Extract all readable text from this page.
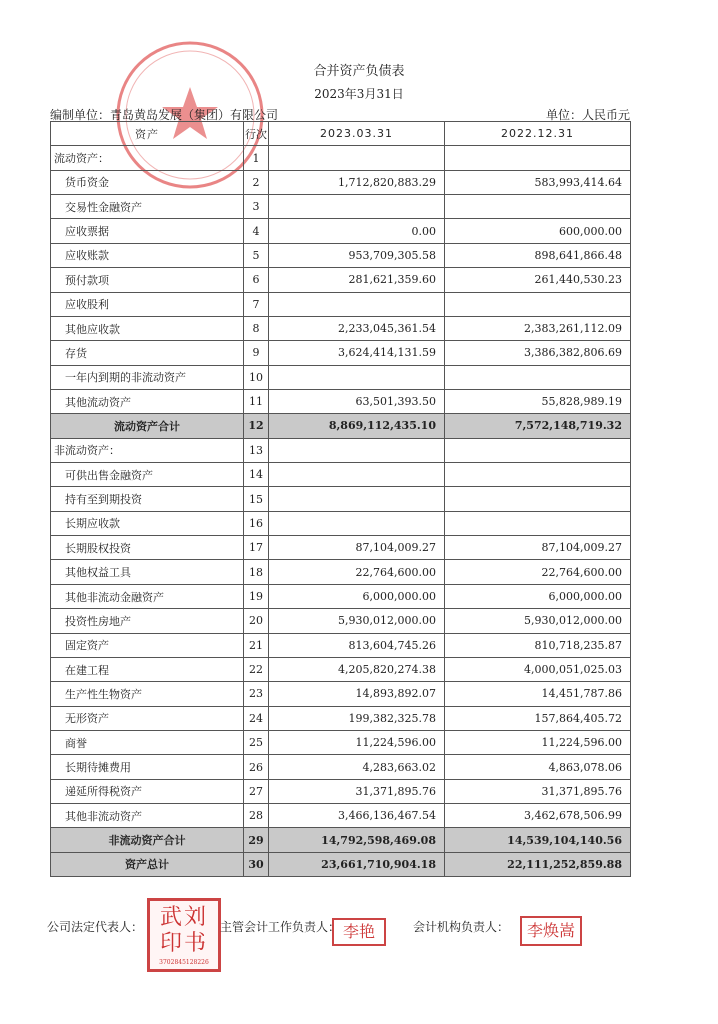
合并资产负债表
2023年3月31日
编制单位：青岛黄岛发展（集团）有限公司	单位：人民币元
资产	行次	2023.03.31	2022.12.31
流动资产：	1		
货币资金	2	1,712,820,883.29	583,993,414.64
交易性金融资产	3		
应收票据	4	0.00	600,000.00
应收账款	5	953,709,305.58	898,641,866.48
预付款项	6	281,621,359.60	261,440,530.23
应收股利	7		
其他应收款	8	2,233,045,361.54	2,383,261,112.09
存货	9	3,624,414,131.59	3,386,382,806.69
一年内到期的非流动资产	10		
其他流动资产	11	63,501,393.50	55,828,989.19
流动资产合计	12	8,869,112,435.10	7,572,148,719.32
非流动资产：	13		
可供出售金融资产	14		
持有至到期投资	15		
长期应收款	16		
长期股权投资	17	87,104,009.27	87,104,009.27
其他权益工具	18	22,764,600.00	22,764,600.00
其他非流动金融资产	19	6,000,000.00	6,000,000.00
投资性房地产	20	5,930,012,000.00	5,930,012,000.00
固定资产	21	813,604,745.26	810,718,235.87
在建工程	22	4,205,820,274.38	4,000,051,025.03
生产性生物资产	23	14,893,892.07	14,451,787.86
无形资产	24	199,382,325.78	157,864,405.72
商誉	25	11,224,596.00	11,224,596.00
长期待摊费用	26	4,283,663.02	4,863,078.06
递延所得税资产	27	31,371,895.76	31,371,895.76
其他非流动资产	28	3,466,136,467.54	3,462,678,506.99
非流动资产合计	29	14,792,598,469.08	14,539,104,140.56
资产总计	30	23,661,710,904.18	22,111,252,859.88
公司法定代表人： 武刘印书
3702845128226
主管会计工作负责人： 李艳	会计机构负责人：	李焕嵩
